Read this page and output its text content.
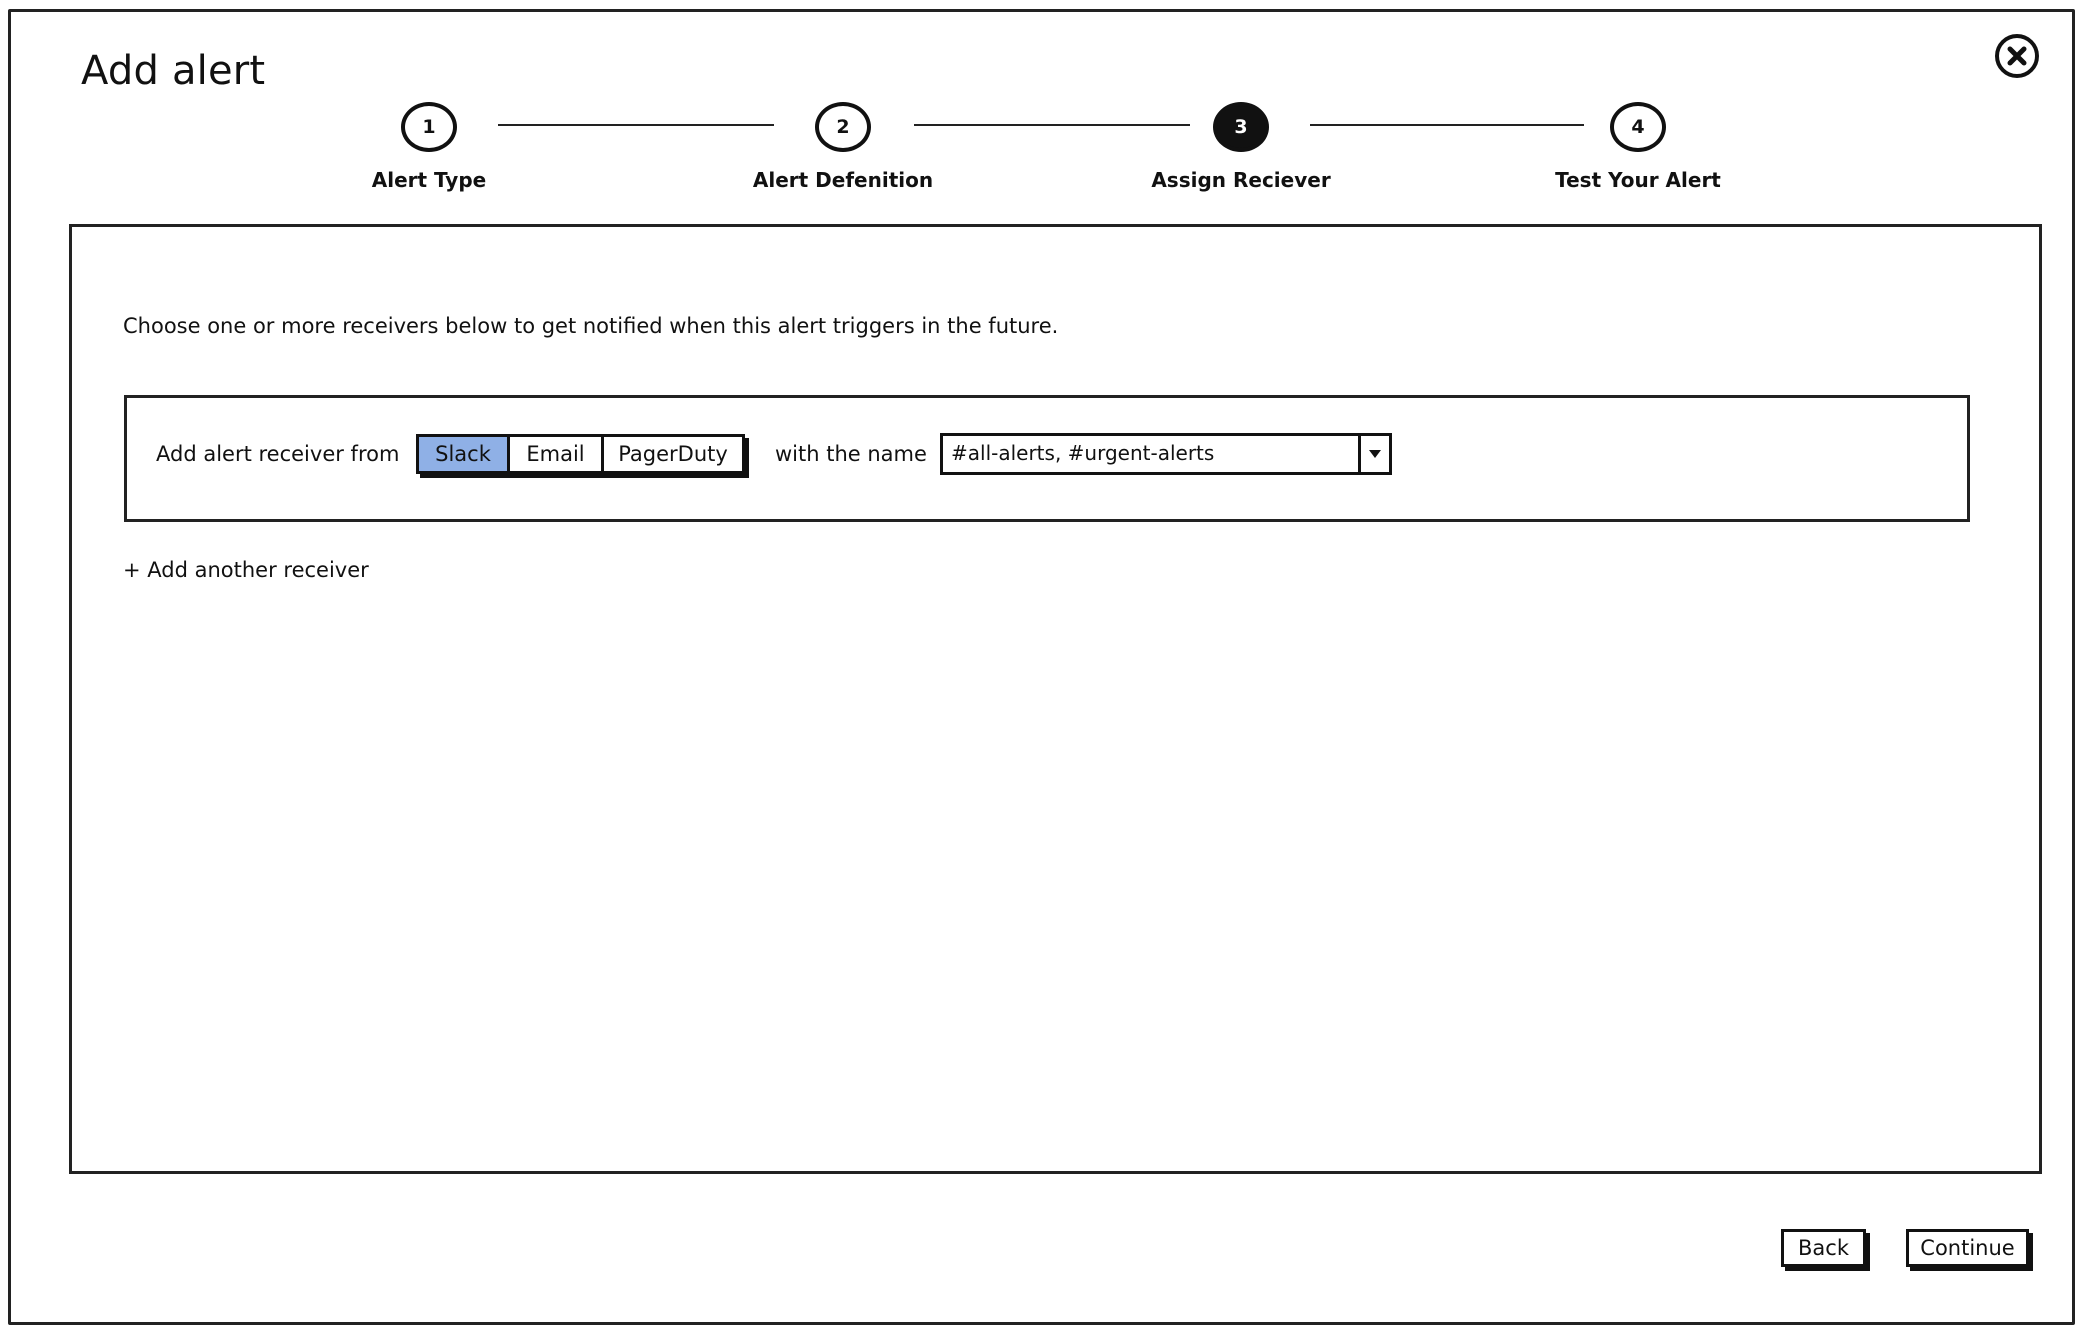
Add alert
1
Alert Type
2
Alert Defenition
3
Assign Reciever
4
Test Your Alert

Choose one or more receivers below to get notified when this alert triggers in the future.

Add alert receiver from	Slack	Email	PagerDuty	with the name	#all-alerts, #urgent-alerts
+ Add another receiver
Back	Continue
